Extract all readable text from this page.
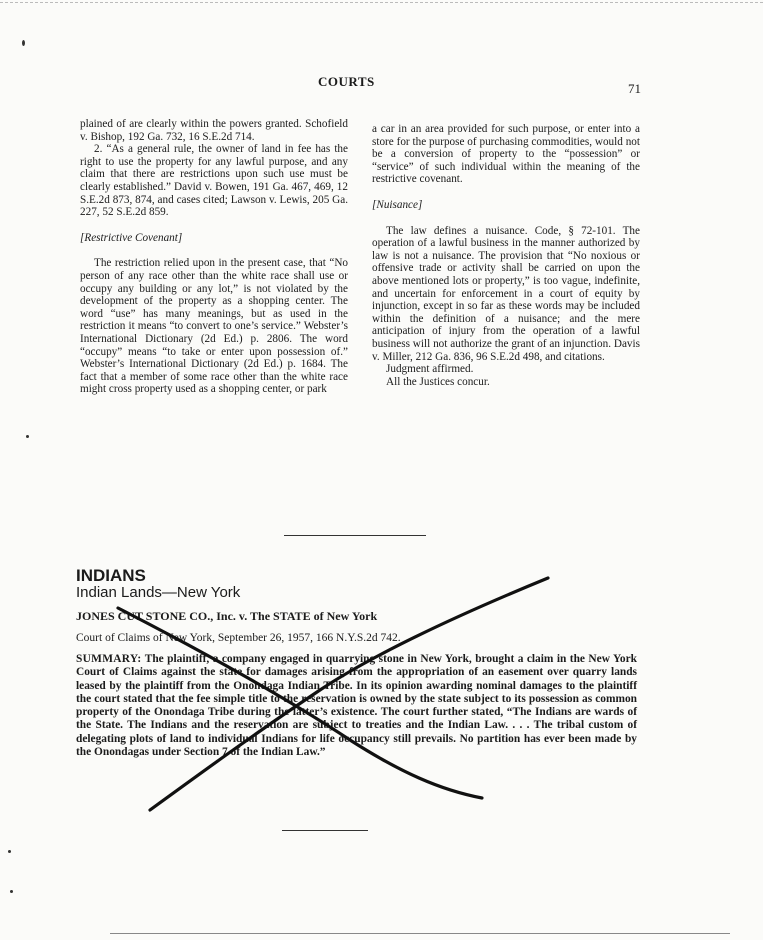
COURTS	71

plained of are clearly within the powers granted. Schofield v. Bishop, 192 Ga. 732, 16 S.E.2d 714.

2. “As a general rule, the owner of land in fee has the right to use the property for any lawful purpose, and any claim that there are restrictions upon such use must be clearly established.” David v. Bowen, 191 Ga. 467, 469, 12 S.E.2d 873, 874, and cases cited; Lawson v. Lewis, 205 Ga. 227, 52 S.E.2d 859.

[Restrictive Covenant]

The restriction relied upon in the present case, that “No person of any race other than the white race shall use or occupy any building or any lot,” is not violated by the development of the property as a shopping center. The word “use” has many meanings, but as used in the restriction it means “to convert to one’s service.” Webster’s International Dictionary (2d Ed.) p. 2806. The word “occupy” means “to take or enter upon possession of.” Webster’s International Dictionary (2d Ed.) p. 1684. The fact that a member of some race other than the white race might cross property used as a shopping center, or park

a car in an area provided for such purpose, or enter into a store for the purpose of purchasing commodities, would not be a conversion of property to the “possession” or “service” of such individual within the meaning of the restrictive covenant.

[Nuisance]

The law defines a nuisance. Code, § 72-101. The operation of a lawful business in the manner authorized by law is not a nuisance. The provision that “No noxious or offensive trade or activity shall be carried on upon the above mentioned lots or property,” is too vague, indefinite, and uncertain for enforcement in a court of equity by injunction, except in so far as these words may be included within the definition of a nuisance; and the mere anticipation of injury from the operation of a lawful business will not authorize the grant of an injunction. Davis v. Miller, 212 Ga. 836, 96 S.E.2d 498, and citations.

Judgment affirmed.

All the Justices concur.

INDIANS
Indian Lands—New York
JONES CUT STONE CO., Inc. v. The STATE of New York
Court of Claims of New York, September 26, 1957, 166 N.Y.S.2d 742.

SUMMARY: The plaintiff, a company engaged in quarrying stone in New York, brought a claim in the New York Court of Claims against the state for damages arising from the appropriation of an easement over quarry lands leased by the plaintiff from the Onondaga Indian Tribe. In its opinion awarding nominal damages to the plaintiff the court stated that the fee simple title to the reservation is owned by the state subject to its possession as common property of the Onondaga Tribe during the latter’s existence. The court further stated, “The Indians are wards of the State. The Indians and the reservation are subject to treaties and the Indian Law. . . . The tribal custom of delegating plots of land to individual Indians for life occupancy still prevails. No partition has ever been made by the Onondagas under Section 7 of the Indian Law.”
